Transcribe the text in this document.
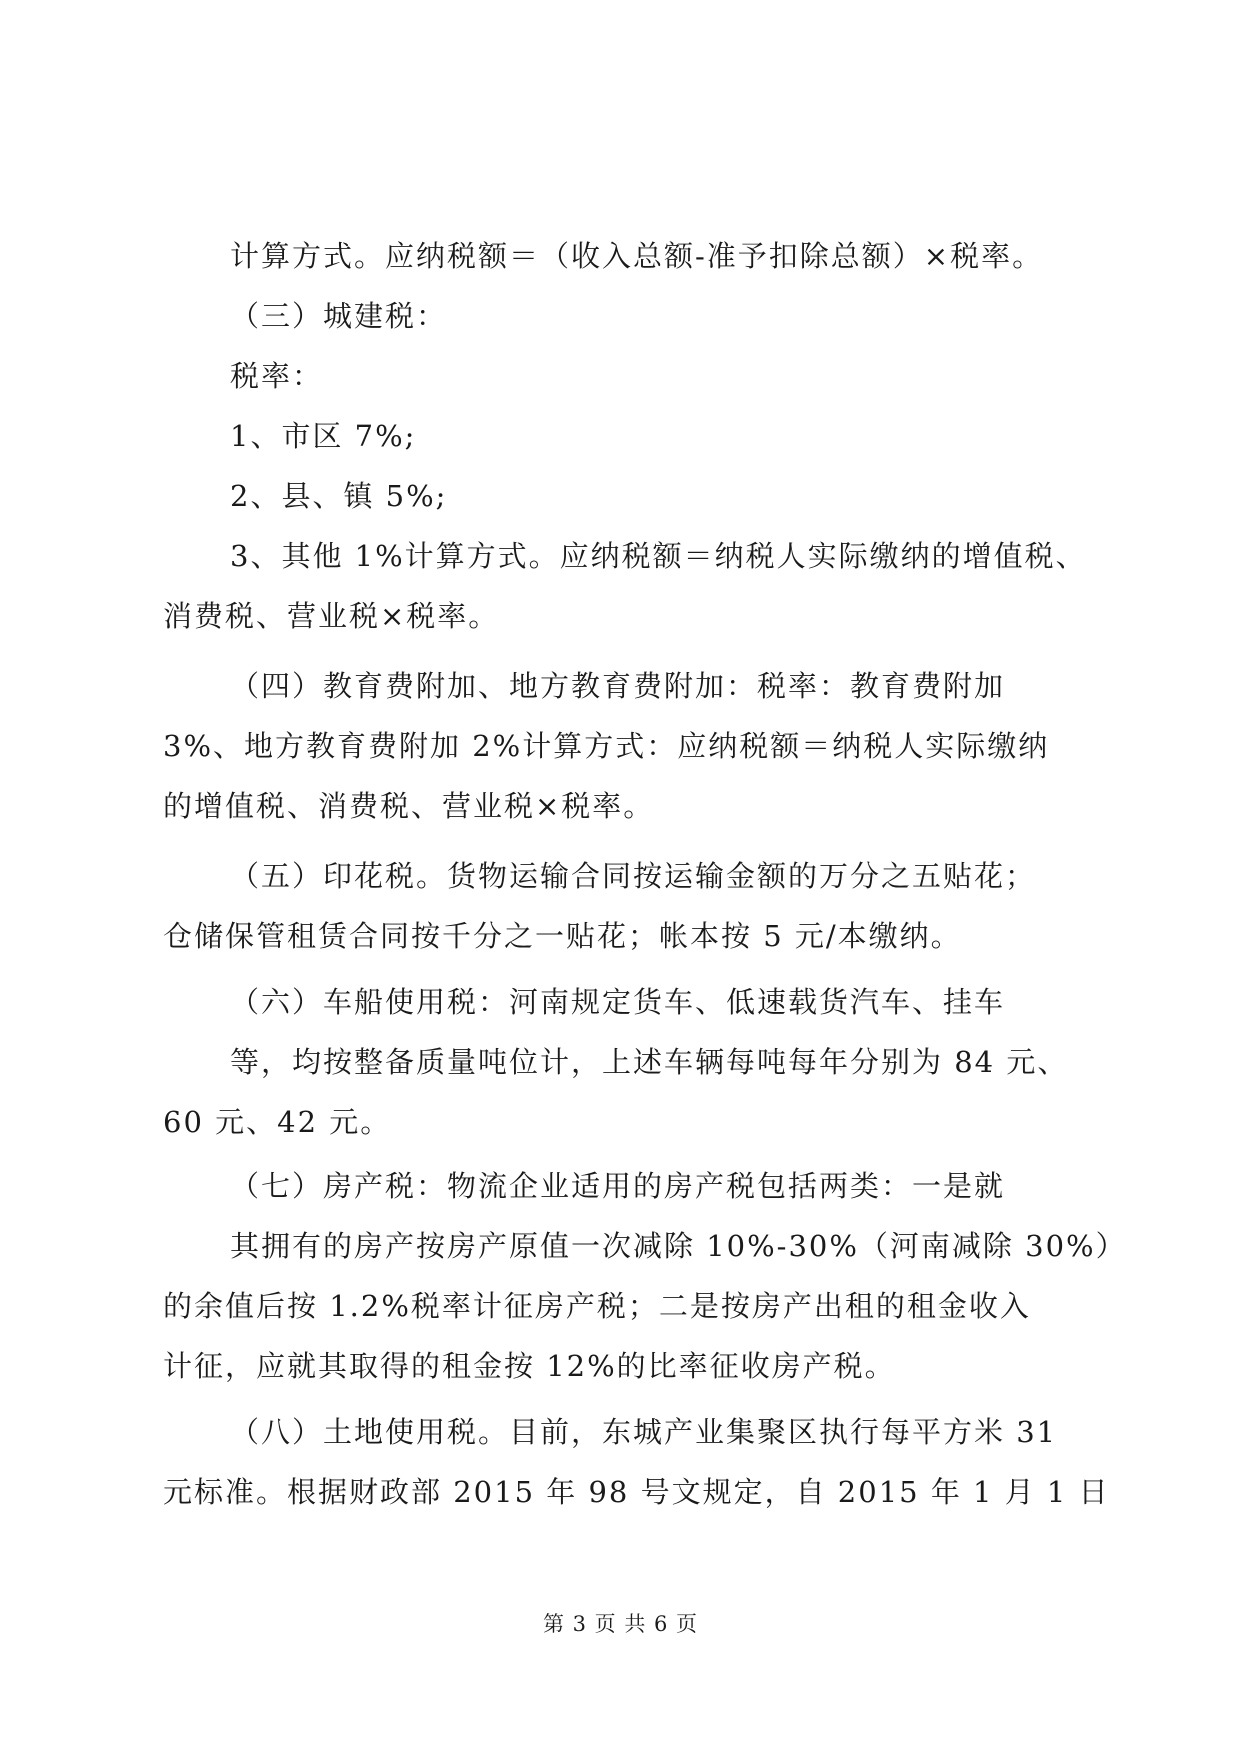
计算方式。应纳税额＝（收入总额-准予扣除总额）×税率。
（三）城建税：
税率：
1、市区 7%;
2、县、镇 5%;
3、其他 1%计算方式。应纳税额＝纳税人实际缴纳的增值税、
消费税、营业税×税率。
（四）教育费附加、地方教育费附加：税率：教育费附加
3%、地方教育费附加 2%计算方式：应纳税额＝纳税人实际缴纳
的增值税、消费税、营业税×税率。
（五）印花税。货物运输合同按运输金额的万分之五贴花；
仓储保管租赁合同按千分之一贴花；帐本按 5 元/本缴纳。
（六）车船使用税：河南规定货车、低速载货汽车、挂车
等，均按整备质量吨位计，上述车辆每吨每年分别为 84 元、
60 元、42 元。
（七）房产税：物流企业适用的房产税包括两类：一是就
其拥有的房产按房产原值一次减除 10%-30%（河南减除 30%）
的余值后按 1.2%税率计征房产税；二是按房产出租的租金收入
计征，应就其取得的租金按 12%的比率征收房产税。
（八）土地使用税。目前，东城产业集聚区执行每平方米 31
元标准。根据财政部 2015 年 98 号文规定，自 2015 年 1 月 1 日
第 3 页 共 6 页
